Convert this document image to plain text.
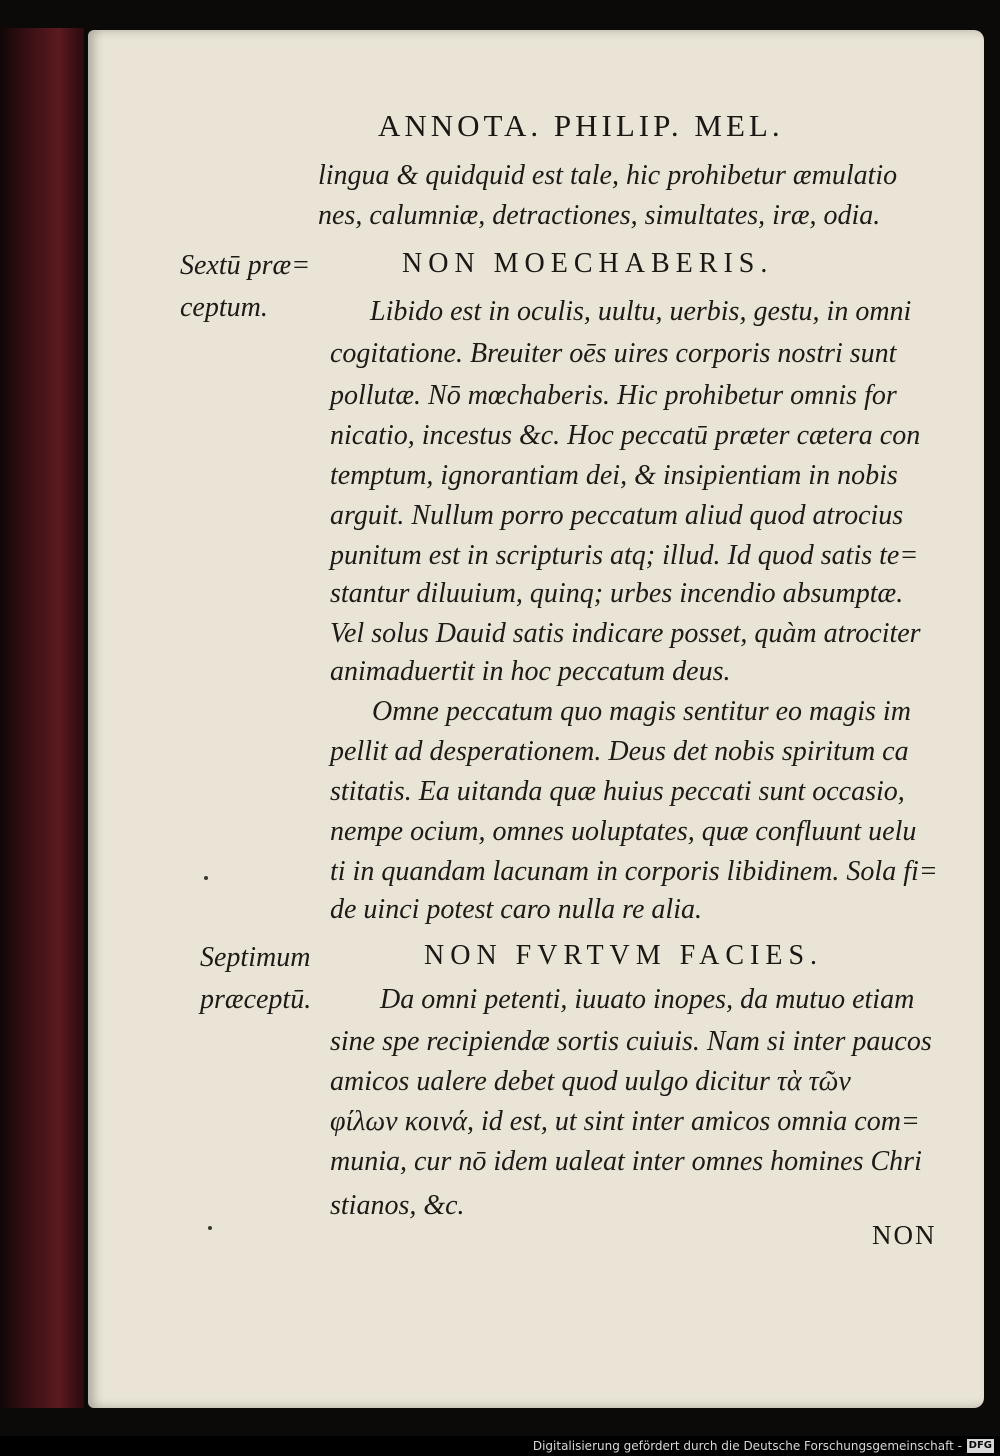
ANNOTA. PHILIP. MEL.
lingua & quidquid est tale, hic prohibetur æmulatio
nes, calumniæ, detractiones, simultates, iræ, odia.
Sextū præ=
ceptum.
NON MOECHABERIS.
Libido est in oculis, uultu, uerbis, gestu, in omni
cogitatione. Breuiter oēs uires corporis nostri sunt
pollutæ. Nō mœchaberis. Hic prohibetur omnis for
nicatio, incestus &c. Hoc peccatū præter cætera con
temptum, ignorantiam dei, & insipientiam in nobis
arguit. Nullum porro peccatum aliud quod atrocius
punitum est in scripturis atq; illud. Id quod satis te=
stantur diluuium, quinq; urbes incendio absumptæ.
Vel solus Dauid satis indicare posset, quàm atrociter
animaduertit in hoc peccatum deus.
Omne peccatum quo magis sentitur eo magis im
pellit ad desperationem. Deus det nobis spiritum ca
stitatis. Ea uitanda quæ huius peccati sunt occasio,
nempe ocium, omnes uoluptates, quæ confluunt uelu
ti in quandam lacunam in corporis libidinem. Sola fi=
de uinci potest caro nulla re alia.
Septimum
præceptū.
NON FVRTVM FACIES.
Da omni petenti, iuuato inopes, da mutuo etiam
sine spe recipiendæ sortis cuiuis. Nam si inter paucos
amicos ualere debet quod uulgo dicitur τὰ τῶν
φίλων κοινά, id est, ut sint inter amicos omnia com=
munia, cur nō idem ualeat inter omnes homines Chri
stianos, &c.
NON
Digitalisierung gefördert durch die Deutsche Forschungsgemeinschaft - DFG
